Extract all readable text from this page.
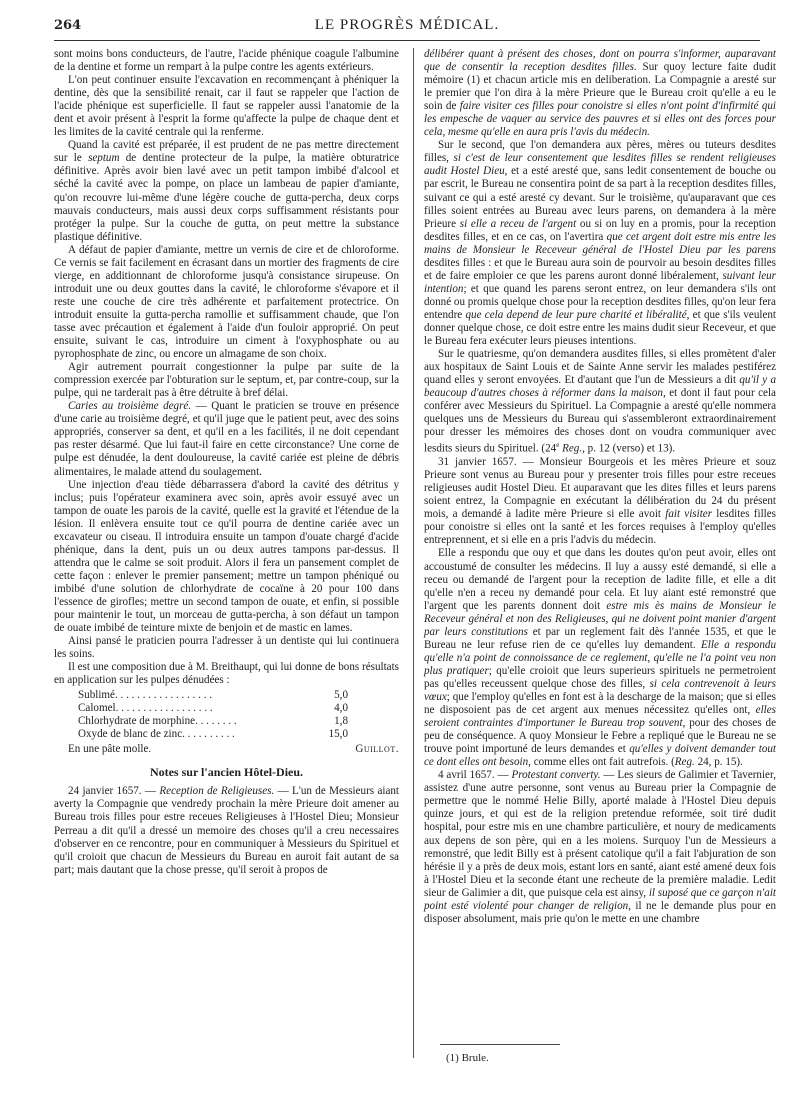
264	LE PROGRÈS MÉDICAL.

sont moins bons conducteurs, de l'autre, l'acide phénique coagule l'albumine de la dentine et forme un rempart à la pulpe contre les agents extérieurs.

L'on peut continuer ensuite l'excavation en recommençant à phéniquer la dentine, dès que la sensibilité renait, car il faut se rappeler que l'action de l'acide phénique est superficielle. Il faut se rappeler aussi l'anatomie de la dent et avoir présent à l'esprit la forme qu'affecte la pulpe de chaque dent et les limites de la cavité centrale qui la renferme.

Quand la cavité est préparée, il est prudent de ne pas mettre directement sur le septum de dentine protecteur de la pulpe, la matière obturatrice définitive. Après avoir bien lavé avec un petit tampon imbibé d'alcool et séché la cavité avec la pompe, on place un lambeau de papier d'amiante, qu'on recouvre lui-même d'une légère couche de gutta-percha, deux corps mauvais conducteurs, mais aussi deux corps suffisamment résistants pour protéger la pulpe. Sur la couche de gutta, on peut mettre la substance plastique définitive.

A défaut de papier d'amiante, mettre un vernis de cire et de chloroforme. Ce vernis se fait facilement en écrasant dans un mortier des fragments de cire vierge, en additionnant de chloroforme jusqu'à consistance sirupeuse. On introduit une ou deux gouttes dans la cavité, le chloroforme s'évapore et il reste une couche de cire très adhérente et parfaitement protectrice. On introduit ensuite la gutta-percha ramollie et suffisamment chaude, que l'on tasse avec précaution et également à l'aide d'un fouloir approprié. On peut ensuite, suivant le cas, introduire un ciment à l'oxyphosphate ou au pyrophosphate de zinc, ou encore un almagame de son choix.

Agir autrement pourrait congestionner la pulpe par suite de la compression exercée par l'obturation sur le septum, et, par contre-coup, sur la pulpe, qui ne tarderait pas à être détruite à bref délai.

Caries au troisième degré. — Quant le praticien se trouve en présence d'une carie au troisième degré, et qu'il juge que le patient peut, avec des soins appropriés, conserver sa dent, et qu'il en a les facilités, il ne doit cependant pas rester désarmé. Que lui faut-il faire en cette circonstance? Une corne de pulpe est dénudée, la dent douloureuse, la cavité cariée est pleine de débris alimentaires, le malade attend du soulagement.

Une injection d'eau tiède débarrassera d'abord la cavité des détritus y inclus; puis l'opérateur examinera avec soin, après avoir essuyé avec un tampon de ouate les parois de la cavité, quelle est la gravité et l'étendue de la lésion. Il enlèvera ensuite tout ce qu'il pourra de dentine cariée avec un excavateur ou ciseau. Il introduira ensuite un tampon d'ouate chargé d'acide phénique, dans la dent, puis un ou deux autres tampons par-dessus. Il attendra que le calme se soit produit. Alors il fera un pansement complet de cette façon : enlever le premier pansement; mettre un tampon phéniqué ou imbibé d'une solution de chlorhydrate de cocaïne à 20 pour 100 dans l'essence de girofles; mettre un second tampon de ouate, et enfin, si possible pour maintenir le tout, un morceau de gutta-percha, à son défaut un tampon de ouate imbibé de teinture mixte de benjoin et de mastic en lames.

Ainsi pansé le praticien pourra l'adresser à un dentiste qui lui continuera les soins.

Il est une composition due à M. Breithaupt, qui lui donne de bons résultats en application sur les pulpes dénudées :

Sublimé. . . . . . . . . . . . . . . . . .	5,0
Calomel. . . . . . . . . . . . . . . . . .	4,0
Chlorhydrate de morphine. . . . . . . .	1,8
Oxyde de blanc de zinc. . . . . . . . . .	15,0
En une pâte molle.	Guillot.
Notes sur l'ancien Hôtel-Dieu.

24 janvier 1657. — Reception de Religieuses. — L'un de Messieurs aiant averty la Compagnie que vendredy prochain la mère Prieure doit amener au Bureau trois filles pour estre receues Religieuses à l'Hostel Dieu; Monsieur Perreau a dit qu'il a dressé un memoire des choses qu'il a creu necessaires d'observer en ce rencontre, pour en communiquer à Messieurs du Spirituel et qu'il croioit que chacun de Messieurs du Bureau en auroit fait autant de sa part; mais dautant que la chose presse, qu'il seroit à propos de

délibérer quant à présent des choses, dont on pourra s'informer, auparavant que de consentir la reception desdites filles. Sur quoy lecture faite dudit mémoire (1) et chacun article mis en deliberation. La Compagnie a aresté sur le premier que l'on dira à la mère Prieure que le Bureau croit qu'elle a eu le soin de faire visiter ces filles pour conoistre si elles n'ont point d'infirmité qui les empesche de vaquer au service des pauvres et si elles ont des forces pour cela, mesme qu'elle en aura pris l'avis du médecin.

Sur le second, que l'on demandera aux pères, mères ou tuteurs desdites filles, si c'est de leur consentement que lesdites filles se rendent religieuses audit Hostel Dieu, et a esté aresté que, sans ledit consentement de bouche ou par escrit, le Bureau ne consentira point de sa part à la reception desdites filles, suivant ce qui a esté aresté cy devant. Sur le troisième, qu'auparavant que ces filles soient entrées au Bureau avec leurs parens, on demandera à la mère Prieure si elle a receu de l'argent ou si on luy en a promis, pour la reception desdites filles, et en ce cas, on l'avertira que cet argent doit estre mis entre les mains de Monsieur le Receveur général de l'Hostel Dieu par les parens desdites filles : et que le Bureau aura soin de pourvoir au besoin desdites filles et de faire emploier ce que les parens auront donné libéralement, suivant leur intention; et que quand les parens seront entrez, on leur demandera s'ils ont donné ou promis quelque chose pour la reception desdites filles, qu'on leur fera entendre que cela depend de leur pure charité et libéralité, et que s'ils veulent donner quelque chose, ce doit estre entre les mains dudit sieur Receveur, et que le Bureau fera exécuter leurs pieuses intentions.

Sur le quatriesme, qu'on demandera ausdites filles, si elles promètent d'aler aux hospitaux de Saint Louis et de Sainte Anne servir les malades pestiférez quand elles y seront envoyées. Et d'autant que l'un de Messieurs a dit qu'il y a beaucoup d'autres choses à réformer dans la maison, et dont il faut pour cela conférer avec Messieurs du Spirituel. La Compagnie a aresté qu'elle nommera quelques uns de Messieurs du Bureau qui s'assembleront extraordinairement pour dresser les mémoires des choses dont on voudra communiquer avec lesdits sieurs du Spirituel. (24e Reg., p. 12 (verso) et 13).

31 janvier 1657. — Monsieur Bourgeois et les mères Prieure et souz Prieure sont venus au Bureau pour y presenter trois filles pour estre receues religieuses audit Hostel Dieu. Et auparavant que les dites filles et leurs parens soient entrez, la Compagnie en exécutant la délibération du 24 du présent mois, a demandé à ladite mère Prieure si elle avoit fait visiter lesdites filles pour conoistre si elles ont la santé et les forces requises à l'employ qu'elles entreprennent, et si elle en a pris l'advis du médecin.

Elle a respondu que ouy et que dans les doutes qu'on peut avoir, elles ont accoustumé de consulter les médecins. Il luy a aussy esté demandé, si elle a receu ou demandé de l'argent pour la reception de ladite fille, et elle a dit qu'elle n'en a receu ny demandé pour cela. Et luy aiant esté remonstré que l'argent que les parents donnent doit estre mis ès mains de Monsieur le Receveur général et non des Religieuses, qui ne doivent point manier d'argent par leurs constitutions et par un reglement fait dès l'année 1535, et que le Bureau ne leur refuse rien de ce qu'elles luy demandent. Elle a respondu qu'elle n'a point de connoissance de ce reglement, qu'elle ne l'a point veu non plus pratiquer; qu'elle croioit que leurs superieurs spirituels ne permetroient pas qu'elles receussent quelque chose des filles, si cela contrevenoit à leurs vœux; que l'employ qu'elles en font est à la descharge de la maison; que si elles ne disposoient pas de cet argent aux menues nécessitez qu'elles ont, elles seroient contraintes d'importuner le Bureau trop souvent, pour des choses de peu de conséquence. A quoy Monsieur le Febre a repliqué que le Bureau ne se trouve point importuné de leurs demandes et qu'elles y doivent demander tout ce dont elles ont besoin, comme elles ont fait autrefois. (Reg. 24, p. 15).

4 avril 1657. — Protestant converty. — Les sieurs de Galimier et Tavernier, assistez d'une autre personne, sont venus au Bureau prier la Compagnie de permettre que le nommé Helie Billy, aporté malade à l'Hostel Dieu depuis quinze jours, et qui est de la religion pretendue reformée, soit tiré dudit hospital, pour estre mis en une chambre particulière, et noury de medicaments aux depens de son père, qui en a les moiens. Surquoy l'un de Messieurs a remonstré, que ledit Billy est à présent catolique qu'il a fait l'abjuration de son hérésie il y a près de deux mois, estant lors en santé, aiant esté amené deux fois à l'Hostel Dieu et la seconde étant une recheute de la première maladie. Ledit sieur de Galimier a dit, que puisque cela est ainsy, il suposé que ce garçon n'ait point esté violenté pour changer de religion, il ne le demande plus pour en disposer absolument, mais prie qu'on le mette en une chambre

(1) Brule.
